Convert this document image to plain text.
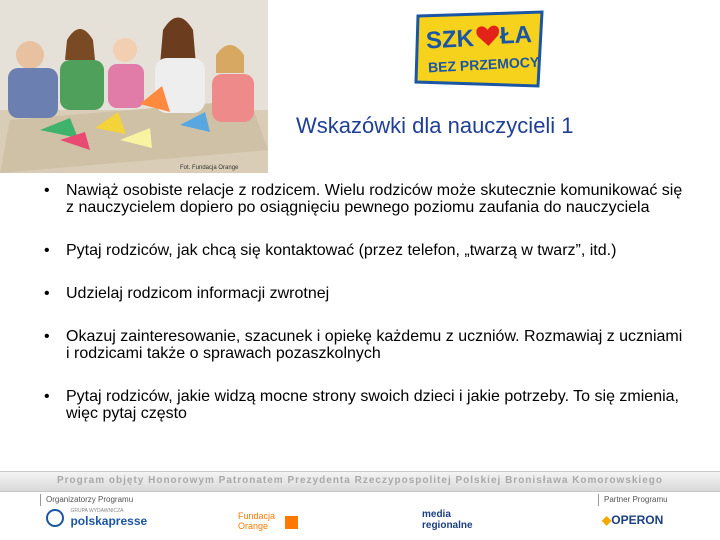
Fot. Fundacja Orange
SZK ŁA
BEZ PRZEMOCY
Wskazówki dla nauczycieli 1
• Nawiąż osobiste relacje z rodzicem. Wielu rodziców może skutecznie komunikować się z nauczycielem dopiero po osiągnięciu pewnego poziomu zaufania do nauczyciela
• Pytaj rodziców, jak chcą się kontaktować (przez telefon, „twarzą w twarz”, itd.)
• Udzielaj rodzicom informacji zwrotnej
• Okazuj zainteresowanie, szacunek i opiekę każdemu z uczniów. Rozmawiaj z uczniami i rodzicami także o sprawach pozaszkolnych
• Pytaj rodziców, jakie widzą mocne strony swoich dzieci i jakie potrzeby. To się zmienia, więc pytaj często
Program objęty Honorowym Patronatem Prezydenta Rzeczypospolitej Polskiej Bronisława Komorowskiego
Organizatorzy Programu	Partner Programu

GRUPA WYDAWNICZA
polskapresse	Fundacja
Orange
media
regionalne	◆OPERON
